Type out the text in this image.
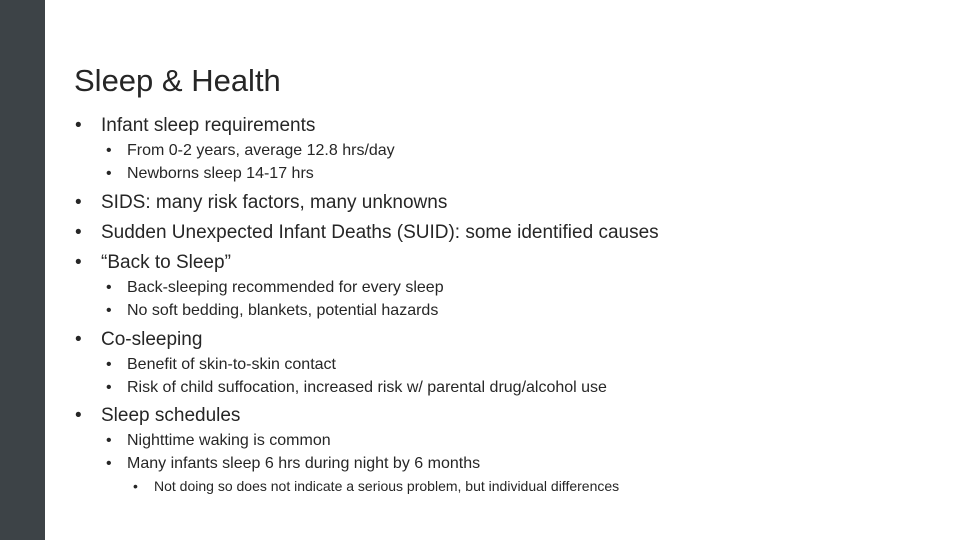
Sleep & Health
• Infant sleep requirements
• From 0-2 years, average 12.8 hrs/day
• Newborns sleep 14-17 hrs
• SIDS: many risk factors, many unknowns
• Sudden Unexpected Infant Deaths (SUID): some identified causes
• “Back to Sleep”
• Back-sleeping recommended for every sleep
• No soft bedding, blankets, potential hazards
• Co-sleeping
• Benefit of skin-to-skin contact
• Risk of child suffocation, increased risk w/ parental drug/alcohol use
• Sleep schedules
• Nighttime waking is common
• Many infants sleep 6 hrs during night by 6 months
• Not doing so does not indicate a serious problem, but individual differences
